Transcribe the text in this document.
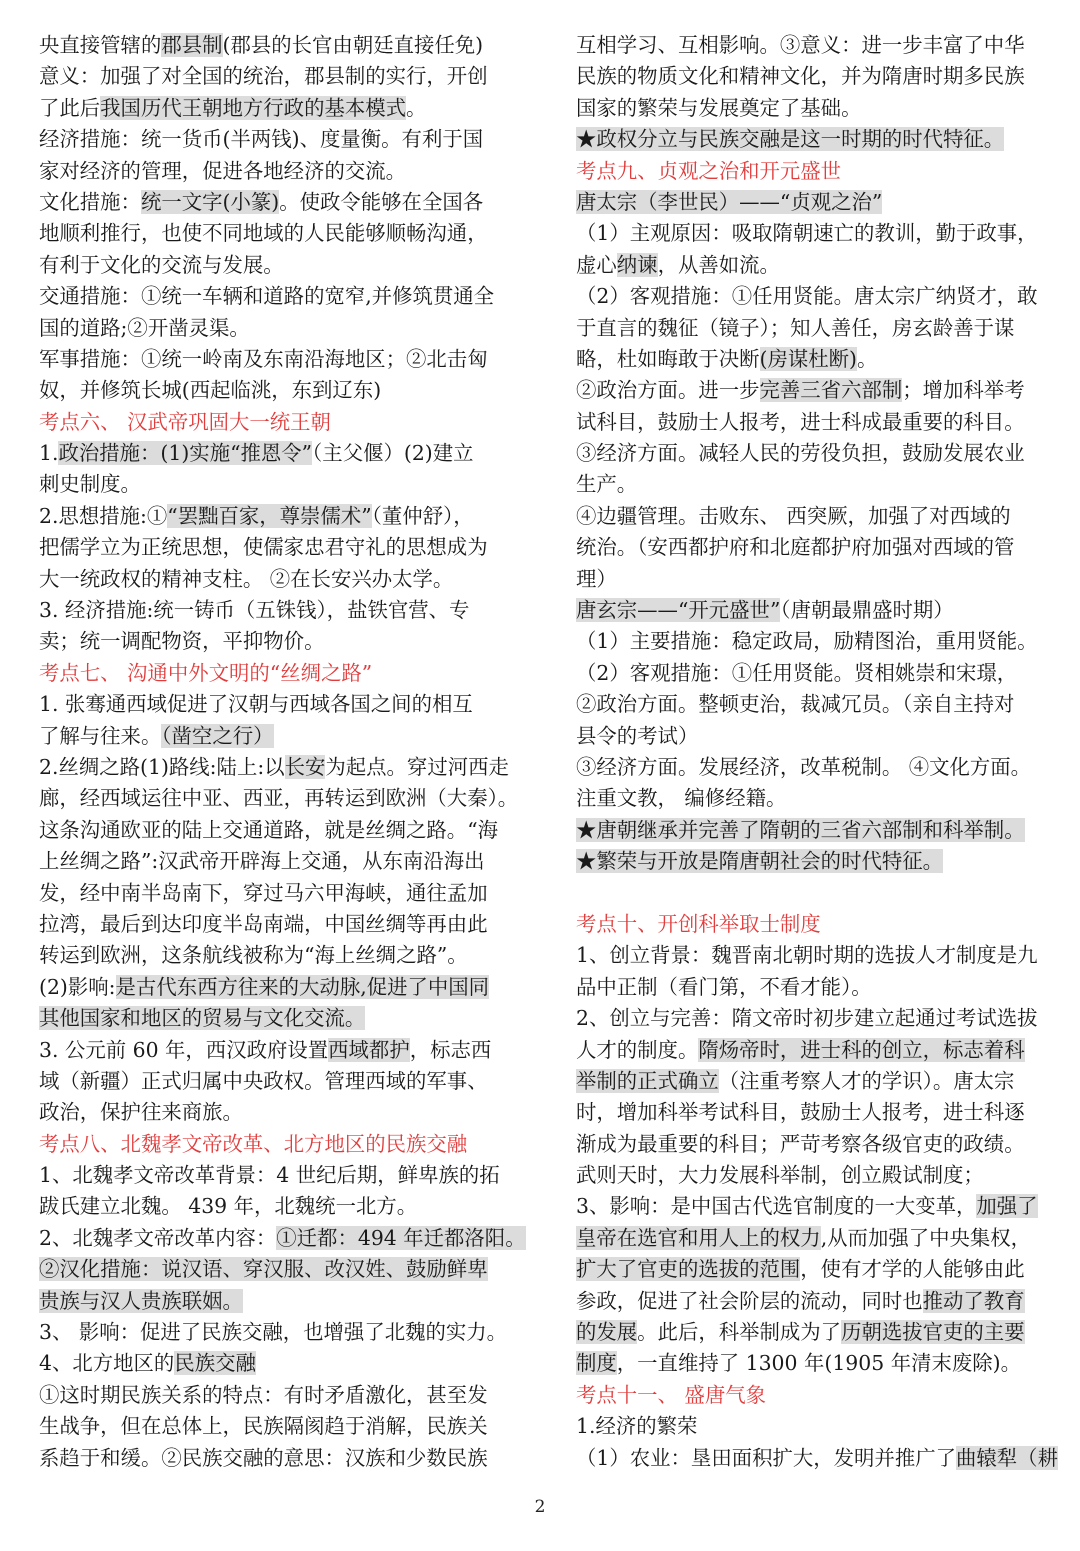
央直接管辖的郡县制(郡县的长官由朝廷直接任免)
意义：加强了对全国的统治，郡县制的实行，开创
了此后我国历代王朝地方行政的基本模式。
经济措施：统一货币(半两钱)、度量衡。有利于国
家对经济的管理，促进各地经济的交流。
文化措施：统一文字(小篆)。使政令能够在全国各
地顺利推行，也使不同地域的人民能够顺畅沟通，
有利于文化的交流与发展。
交通措施：①统一车辆和道路的宽窄,并修筑贯通全
国的道路;②开凿灵渠。
军事措施：①统一岭南及东南沿海地区；②北击匈
奴，并修筑长城(西起临洮，东到辽东)
考点六、 汉武帝巩固大一统王朝
1.政治措施：(1)实施“推恩令”（主父偃）(2)建立
刺史制度。
2.思想措施:①“罢黜百家，尊崇儒术”（董仲舒），
把儒学立为正统思想，使儒家忠君守礼的思想成为
大一统政权的精神支柱。 ②在长安兴办太学。
3. 经济措施:统一铸币（五铢钱），盐铁官营、专
卖；统一调配物资，平抑物价。
考点七、 沟通中外文明的“丝绸之路”
1. 张骞通西域促进了汉朝与西域各国之间的相互
了解与往来。（凿空之行）
2.丝绸之路(1)路线:陆上:以长安为起点。穿过河西走
廊，经西域运往中亚、西亚，再转运到欧洲（大秦）。
这条沟通欧亚的陆上交通道路，就是丝绸之路。“海
上丝绸之路”:汉武帝开辟海上交通，从东南沿海出
发，经中南半岛南下，穿过马六甲海峡，通往孟加
拉湾，最后到达印度半岛南端，中国丝绸等再由此
转运到欧洲，这条航线被称为“海上丝绸之路”。
(2)影响:是古代东西方往来的大动脉,促进了中国同
其他国家和地区的贸易与文化交流。
3. 公元前 60 年，西汉政府设置西域都护，标志西
域（新疆）正式归属中央政权。管理西域的军事、
政治，保护往来商旅。
考点八、北魏孝文帝改革、北方地区的民族交融
1、北魏孝文帝改革背景：4 世纪后期，鲜卑族的拓
跋氏建立北魏。 439 年，北魏统一北方。
2、北魏孝文帝改革内容：①迁都：494 年迁都洛阳。
②汉化措施：说汉语、穿汉服、改汉姓、鼓励鲜卑
贵族与汉人贵族联姻。
3、 影响：促进了民族交融，也增强了北魏的实力。
4、北方地区的民族交融
①这时期民族关系的特点：有时矛盾激化，甚至发
生战争，但在总体上，民族隔阂趋于消解，民族关
系趋于和缓。②民族交融的意思：汉族和少数民族
互相学习、互相影响。③意义：进一步丰富了中华
民族的物质文化和精神文化，并为隋唐时期多民族
国家的繁荣与发展奠定了基础。
★政权分立与民族交融是这一时期的时代特征。
考点九、贞观之治和开元盛世
唐太宗（李世民）——“贞观之治”
（1）主观原因：吸取隋朝速亡的教训，勤于政事，
虚心纳谏，从善如流。
（2）客观措施：①任用贤能。唐太宗广纳贤才，敢
于直言的魏征（镜子）；知人善任，房玄龄善于谋
略，杜如晦敢于决断(房谋杜断)。
②政治方面。进一步完善三省六部制；增加科举考
试科目，鼓励士人报考，进士科成最重要的科目。
③经济方面。减轻人民的劳役负担，鼓励发展农业
生产。
④边疆管理。击败东、 西突厥，加强了对西域的
统治。（安西都护府和北庭都护府加强对西域的管
理）
唐玄宗——“开元盛世”（唐朝最鼎盛时期）
（1）主要措施：稳定政局，励精图治，重用贤能。
（2）客观措施：①任用贤能。贤相姚崇和宋璟，
②政治方面。整顿吏治，裁减冗员。（亲自主持对
县令的考试）
③经济方面。发展经济，改革税制。 ④文化方面。
注重文教， 编修经籍。
★唐朝继承并完善了隋朝的三省六部制和科举制。
★繁荣与开放是隋唐朝社会的时代特征。
考点十、开创科举取士制度
1、创立背景：魏晋南北朝时期的选拔人才制度是九
品中正制（看门第，不看才能）。
2、创立与完善：隋文帝时初步建立起通过考试选拔
人才的制度。隋炀帝时，进士科的创立，标志着科
举制的正式确立（注重考察人才的学识）。唐太宗
时，增加科举考试科目，鼓励士人报考，进士科逐
渐成为最重要的科目；严苛考察各级官吏的政绩。
武则天时，大力发展科举制，创立殿试制度；
3、影响：是中国古代选官制度的一大变革，加强了
皇帝在选官和用人上的权力,从而加强了中央集权，
扩大了官吏的选拔的范围，使有才学的人能够由此
参政，促进了社会阶层的流动，同时也推动了教育
的发展。此后，科举制成为了历朝选拔官吏的主要
制度，一直维持了 1300 年(1905 年清末废除)。
考点十一、 盛唐气象
1.经济的繁荣
（1）农业：垦田面积扩大，发明并推广了曲辕犁（耕
2
